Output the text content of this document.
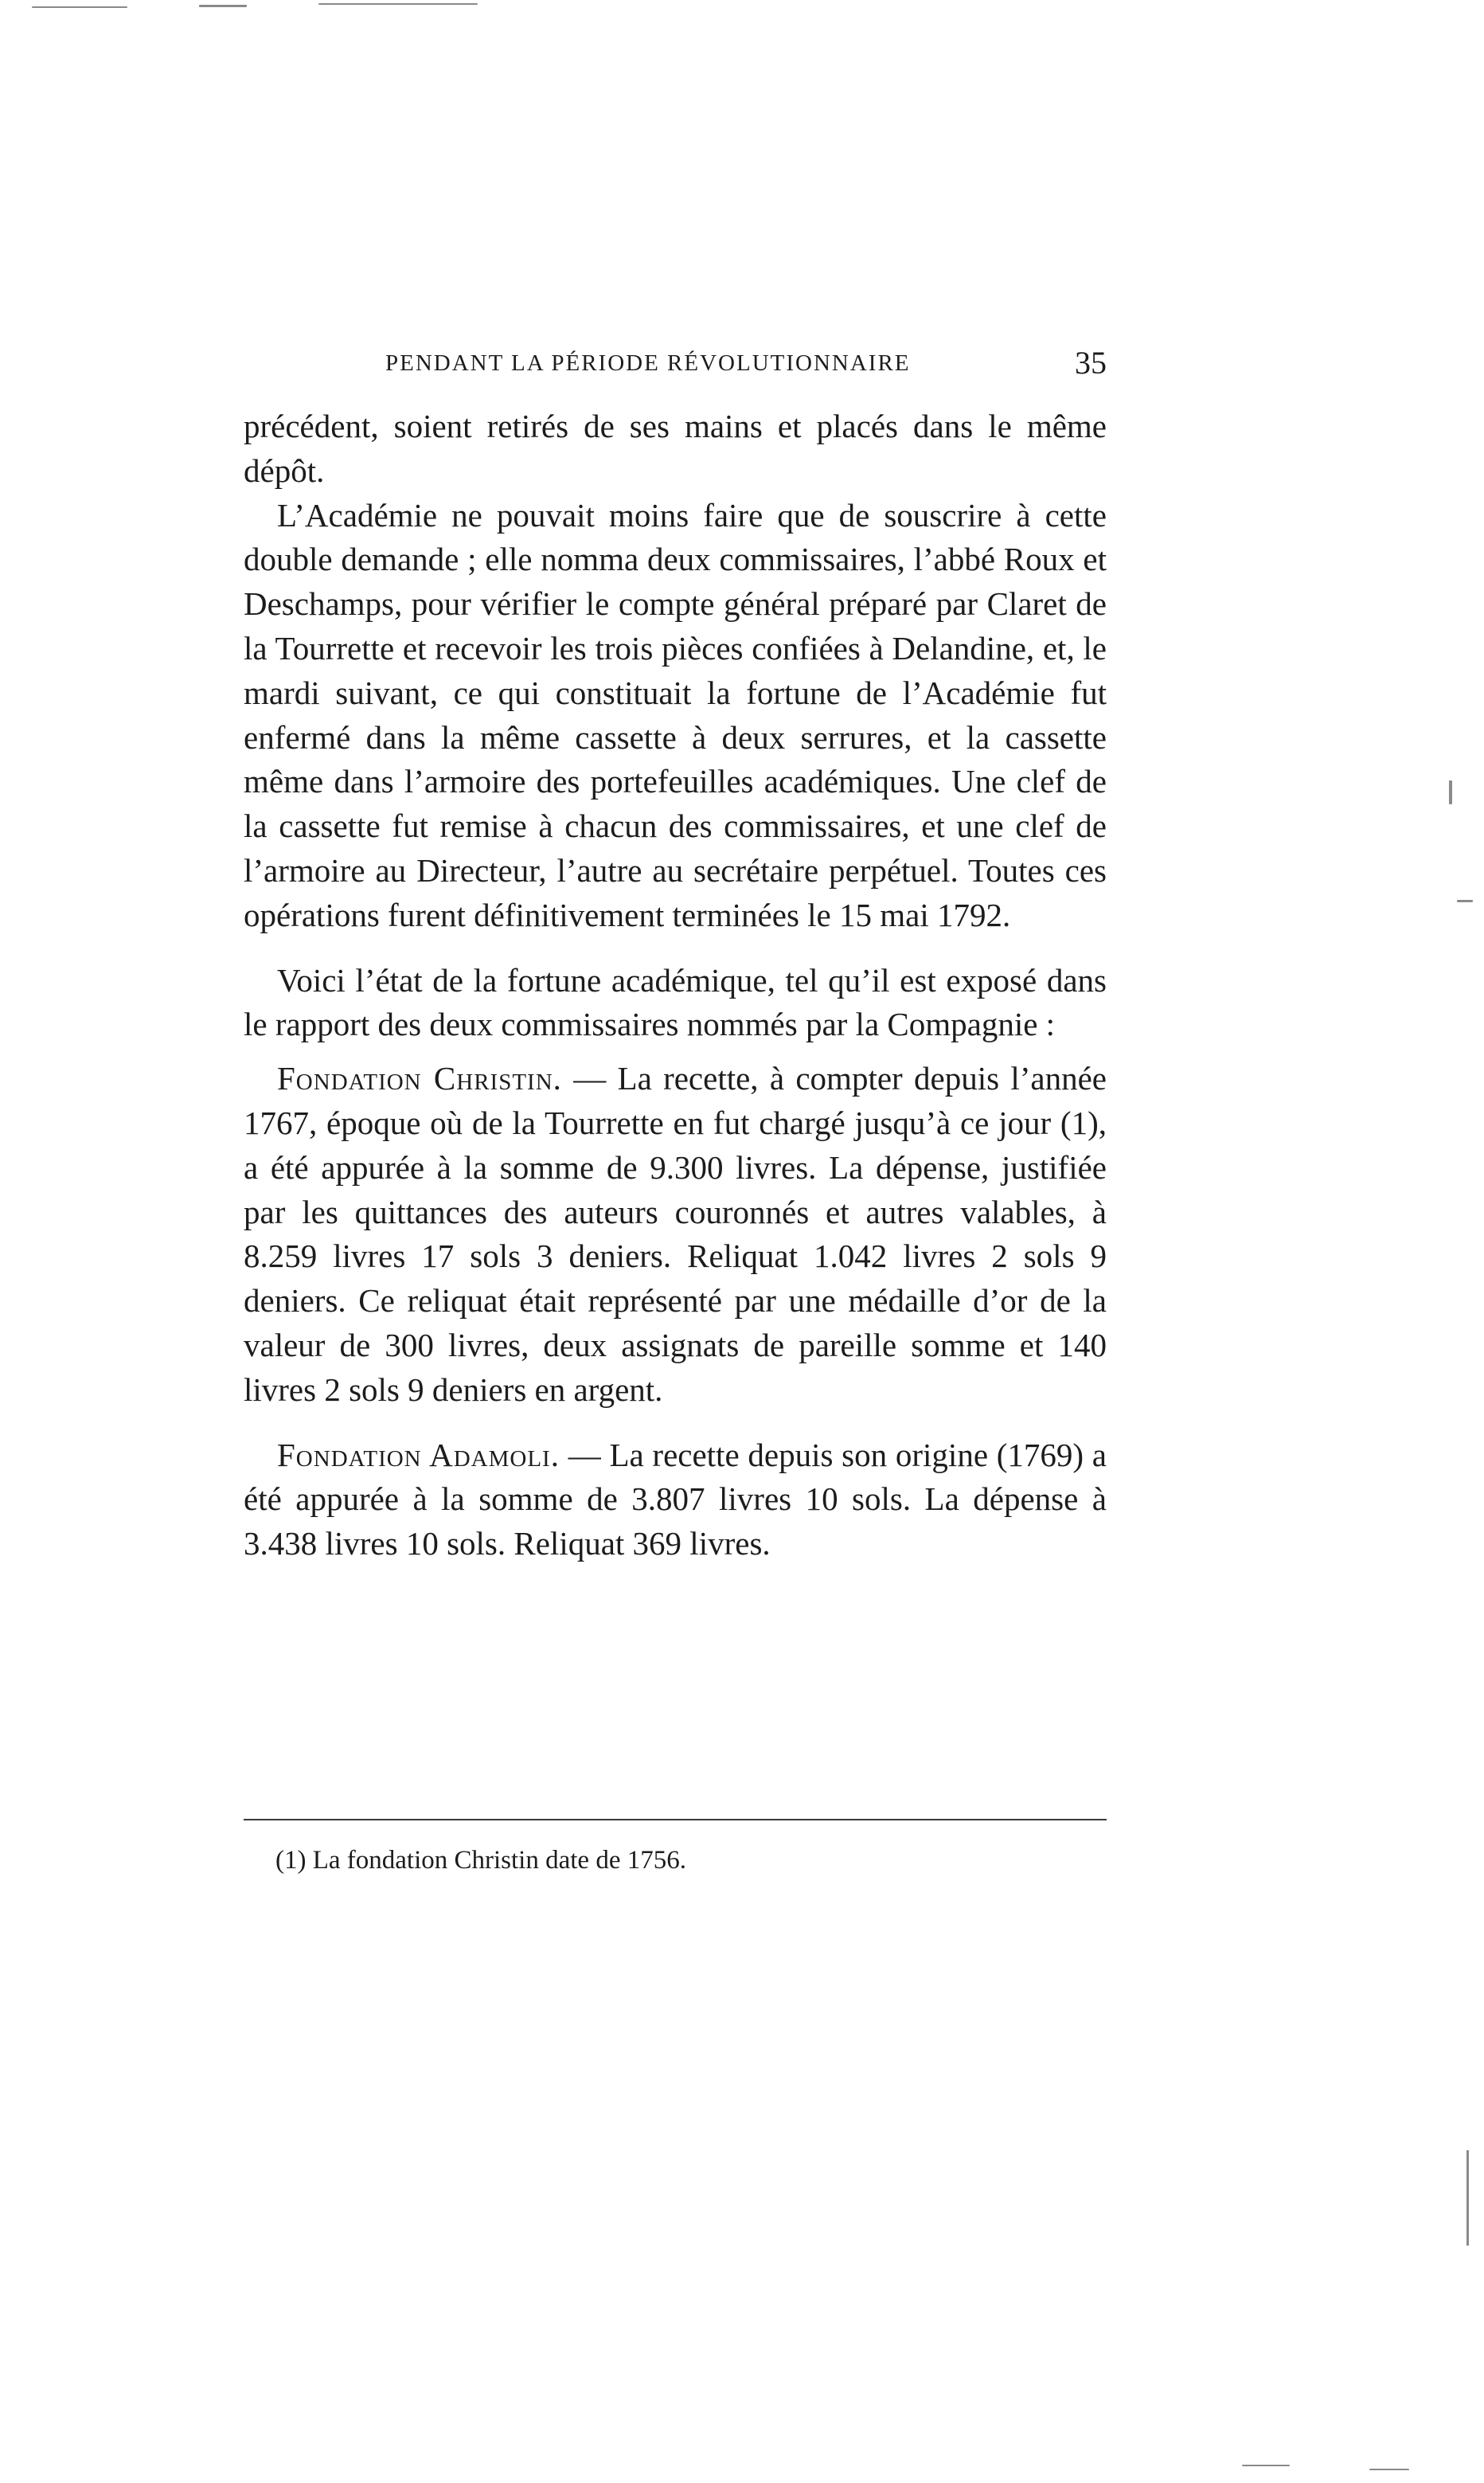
PENDANT LA PÉRIODE RÉVOLUTIONNAIRE	35

précédent, soient retirés de ses mains et placés dans le même dépôt.

L’Académie ne pouvait moins faire que de souscrire à cette double demande ; elle nomma deux commissaires, l’abbé Roux et Deschamps, pour vérifier le compte général préparé par Claret de la Tourrette et recevoir les trois pièces confiées à Delandine, et, le mardi suivant, ce qui constituait la fortune de l’Académie fut enfermé dans la même cassette à deux serrures, et la cassette même dans l’armoire des portefeuilles académiques. Une clef de la cassette fut remise à chacun des commissaires, et une clef de l’armoire au Directeur, l’autre au secrétaire perpétuel. Toutes ces opérations furent définitivement terminées le 15 mai 1792.

Voici l’état de la fortune académique, tel qu’il est exposé dans le rapport des deux commissaires nommés par la Compagnie :

Fondation Christin. — La recette, à compter depuis l’année 1767, époque où de la Tourrette en fut chargé jusqu’à ce jour (1), a été appurée à la somme de 9.300 livres. La dépense, justifiée par les quittances des auteurs couronnés et autres valables, à 8.259 livres 17 sols 3 deniers. Reliquat 1.042 livres 2 sols 9 deniers. Ce reliquat était représenté par une médaille d’or de la valeur de 300 livres, deux assignats de pareille somme et 140 livres 2 sols 9 deniers en argent.

Fondation Adamoli. — La recette depuis son origine (1769) a été appurée à la somme de 3.807 livres 10 sols. La dépense à 3.438 livres 10 sols. Reliquat 369 livres.

(1) La fondation Christin date de 1756.
